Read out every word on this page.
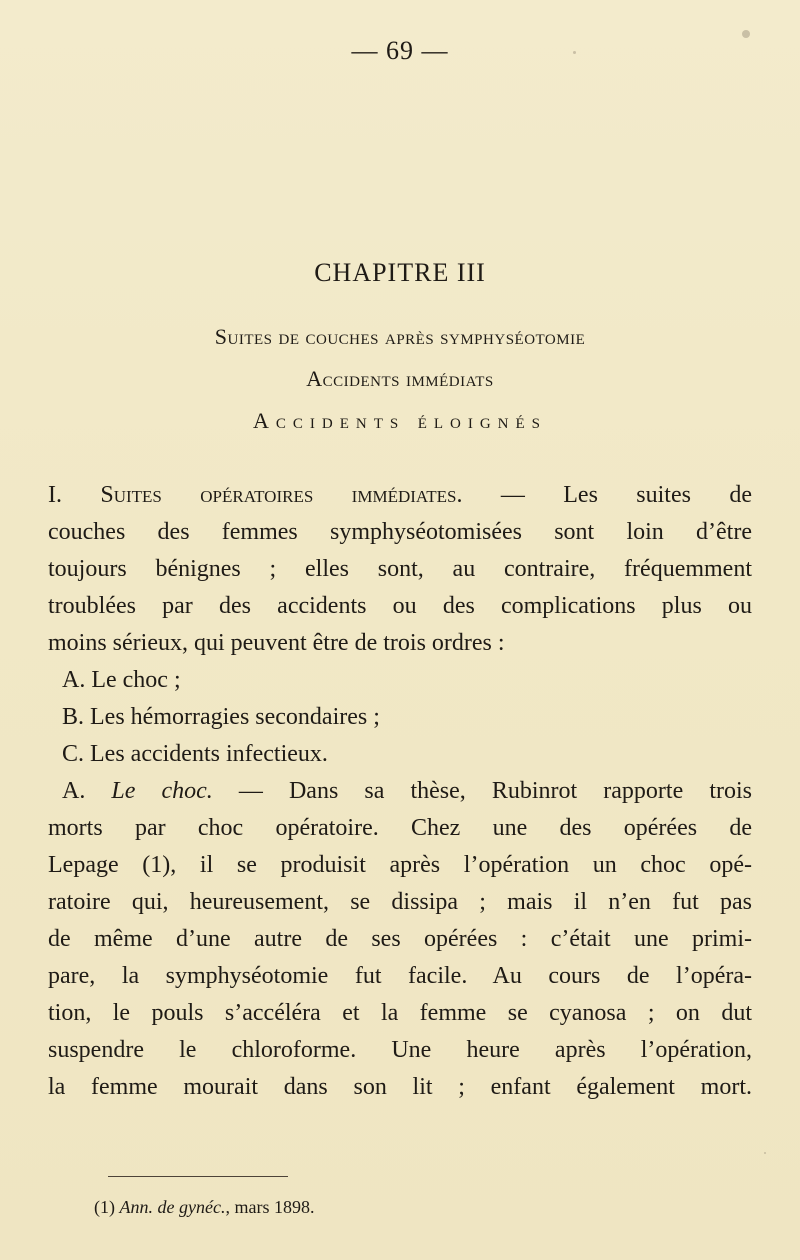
— 69 —
CHAPITRE III
Suites de couches après symphyséotomie
Accidents immédiats
Accidents éloignés
I. Suites opératoires immédiates. — Les suites de
couches des femmes symphyséotomisées sont loin d’être
toujours bénignes ; elles sont, au contraire, fréquemment
troublées par des accidents ou des complications plus ou
moins sérieux, qui peuvent être de trois ordres :
A. Le choc ;
B. Les hémorragies secondaires ;
C. Les accidents infectieux.
A. Le choc. — Dans sa thèse, Rubinrot rapporte trois
morts par choc opératoire. Chez une des opérées de
Lepage (1), il se produisit après l’opération un choc opé-
ratoire qui, heureusement, se dissipa ; mais il n’en fut pas
de même d’une autre de ses opérées : c’était une primi-
pare, la symphyséotomie fut facile. Au cours de l’opéra-
tion, le pouls s’accéléra et la femme se cyanosa ; on dut
suspendre le chloroforme. Une heure après l’opération,
la femme mourait dans son lit ; enfant également mort.
(1) Ann. de gynéc., mars 1898.
